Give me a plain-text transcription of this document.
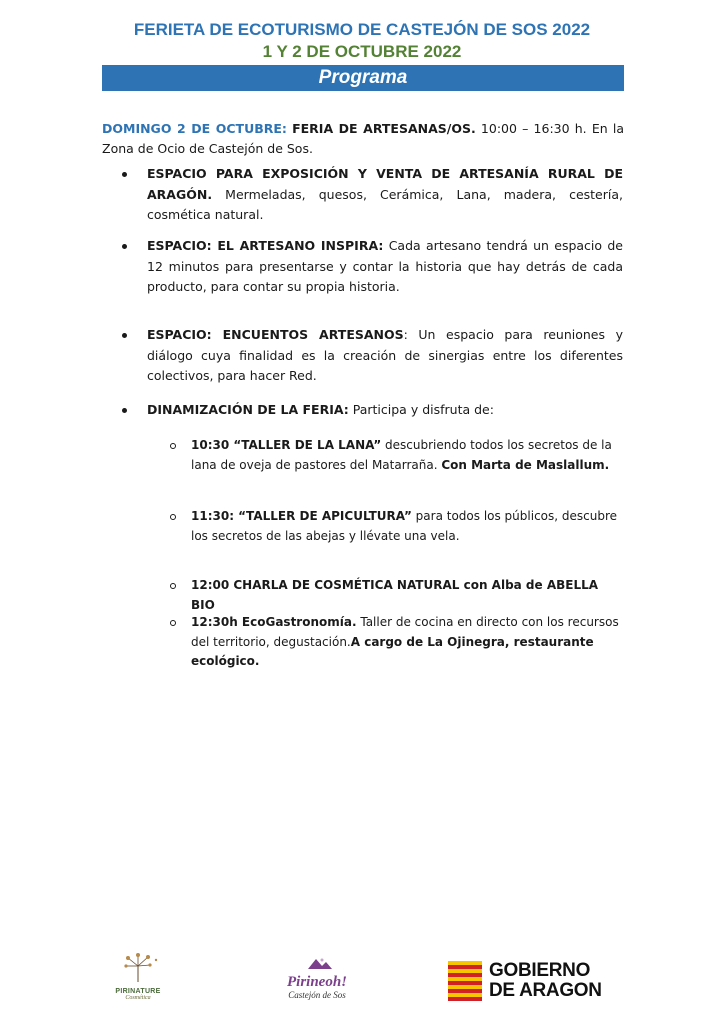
FERIETA DE ECOTURISMO DE CASTEJÓN DE SOS 2022
1 Y 2 DE OCTUBRE 2022
Programa
DOMINGO 2 DE OCTUBRE: FERIA DE ARTESANAS/OS. 10:00 – 16:30 h. En la Zona de Ocio de Castejón de Sos.
ESPACIO PARA EXPOSICIÓN Y VENTA DE ARTESANÍA RURAL DE ARAGÓN. Mermeladas, quesos, Cerámica, Lana, madera, cestería, cosmética natural.
ESPACIO: EL ARTESANO INSPIRA: Cada artesano tendrá un espacio de 12 minutos para presentarse y contar la historia que hay detrás de cada producto, para contar su propia historia.
ESPACIO: ENCUENTOS ARTESANOS: Un espacio para reuniones y diálogo cuya finalidad es la creación de sinergias entre los diferentes colectivos, para hacer Red.
DINAMIZACIÓN DE LA FERIA: Participa y disfruta de:
10:30 “TALLER DE LA LANA” descubriendo todos los secretos de la lana de oveja de pastores del Matarraña. Con Marta de Maslallum.
11:30: “TALLER DE APICULTURA” para todos los públicos, descubre los secretos de las abejas y llévate una vela.
12:00 CHARLA DE COSMÉTICA NATURAL con Alba de ABELLA BIO
12:30h EcoGastronomía. Taller de cocina en directo con los recursos del territorio, degustación.A cargo de La Ojinegra, restaurante ecológico.
PIRINATURE
Cosmética
Pirineoh!
Castejón de Sos
GOBIERNO
DE ARAGON
